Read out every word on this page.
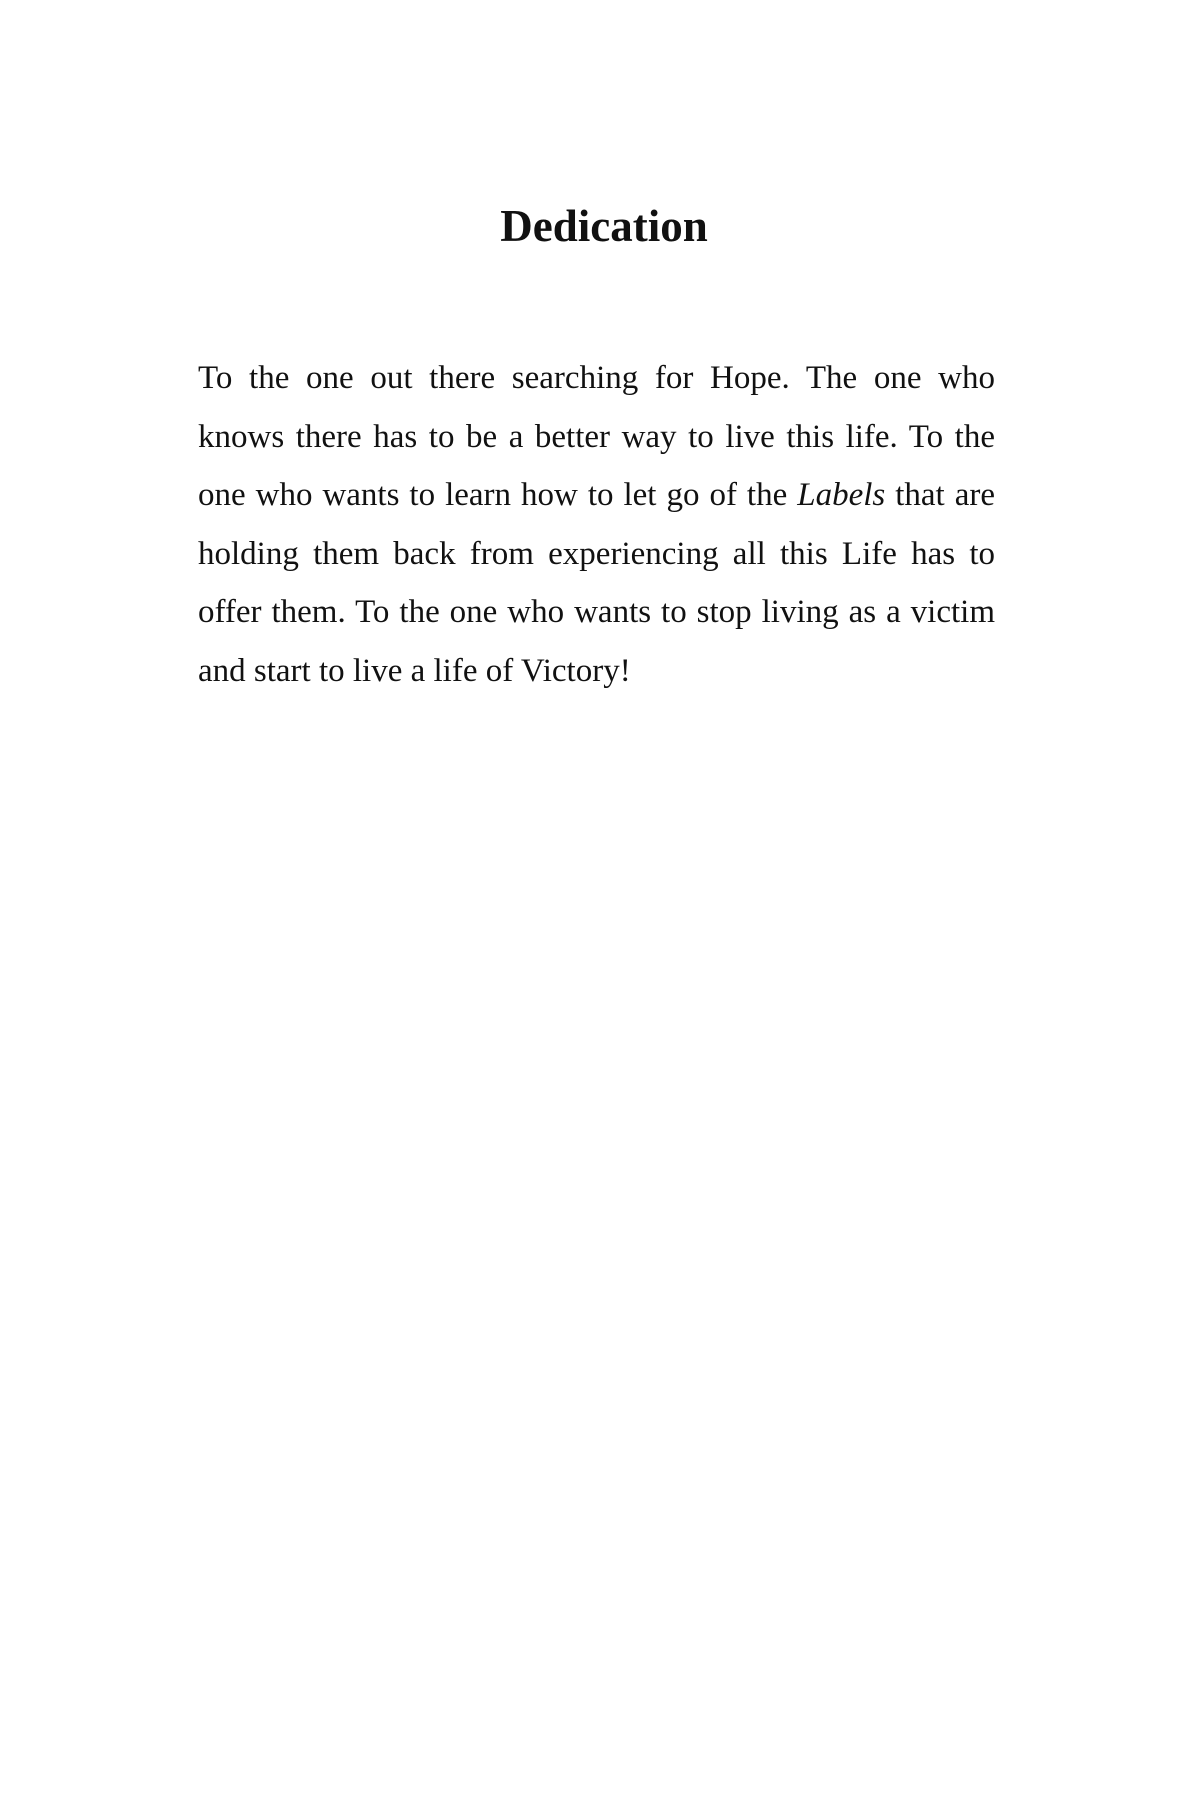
Dedication

To the one out there searching for Hope. The one who knows there has to be a better way to live this life. To the one who wants to learn how to let go of the Labels that are holding them back from experiencing all this Life has to offer them. To the one who wants to stop living as a victim and start to live a life of Victory!
